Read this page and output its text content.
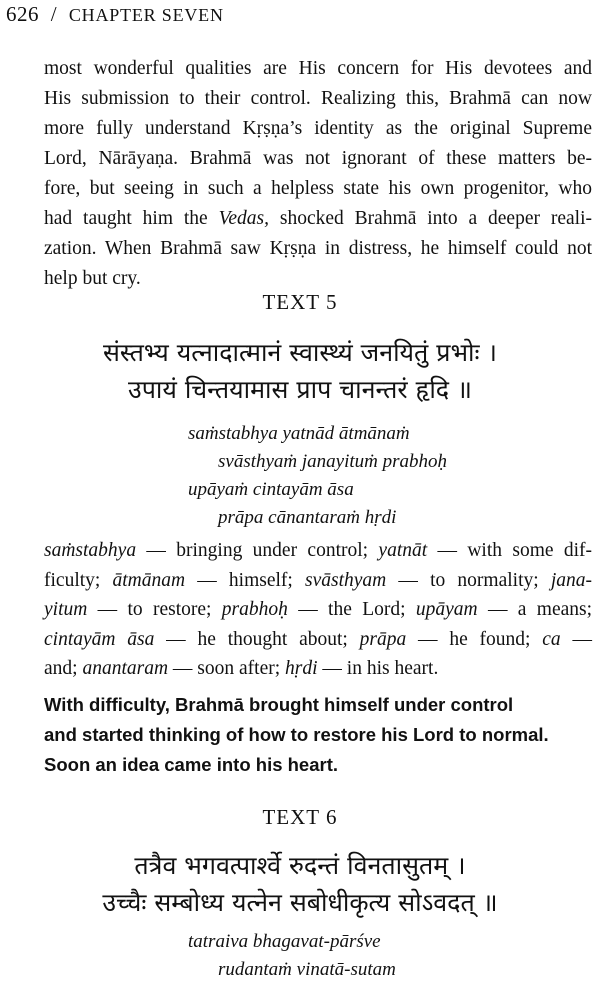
626 / CHAPTER SEVEN
most wonderful qualities are His concern for His devotees and
His submission to their control. Realizing this, Brahmā can now
more fully understand Kṛṣṇa’s identity as the original Supreme
Lord, Nārāyaṇa. Brahmā was not ignorant of these matters be-
fore, but seeing in such a helpless state his own progenitor, who
had taught him the Vedas, shocked Brahmā into a deeper reali-
zation. When Brahmā saw Kṛṣṇa in distress, he himself could not
help but cry.
TEXT 5
संस्तभ्य यत्नादात्मानं स्वास्थ्यं जनयितुं प्रभोः ।
उपायं चिन्तयामास प्राप चानन्तरं हृदि ॥
saṁstabhya yatnād ātmānaṁ
svāsthyaṁ janayituṁ prabhoḥ
upāyaṁ cintayām āsa
prāpa cānantaraṁ hṛdi
saṁstabhya — bringing under control; yatnāt — with some dif-
ficulty; ātmānam — himself; svāsthyam — to normality; jana-
yitum — to restore; prabhoḥ — the Lord; upāyam — a means;
cintayām āsa — he thought about; prāpa — he found; ca —
and; anantaram — soon after; hṛdi — in his heart.
With difficulty, Brahmā brought himself under control
and started thinking of how to restore his Lord to normal.
Soon an idea came into his heart.
TEXT 6
तत्रैव भगवत्पार्श्वे रुदन्तं विनतासुतम् ।
उच्चैः सम्बोध्य यत्नेन सबोधीकृत्य सोऽवदत् ॥
tatraiva bhagavat-pārśve
rudantaṁ vinatā-sutam
